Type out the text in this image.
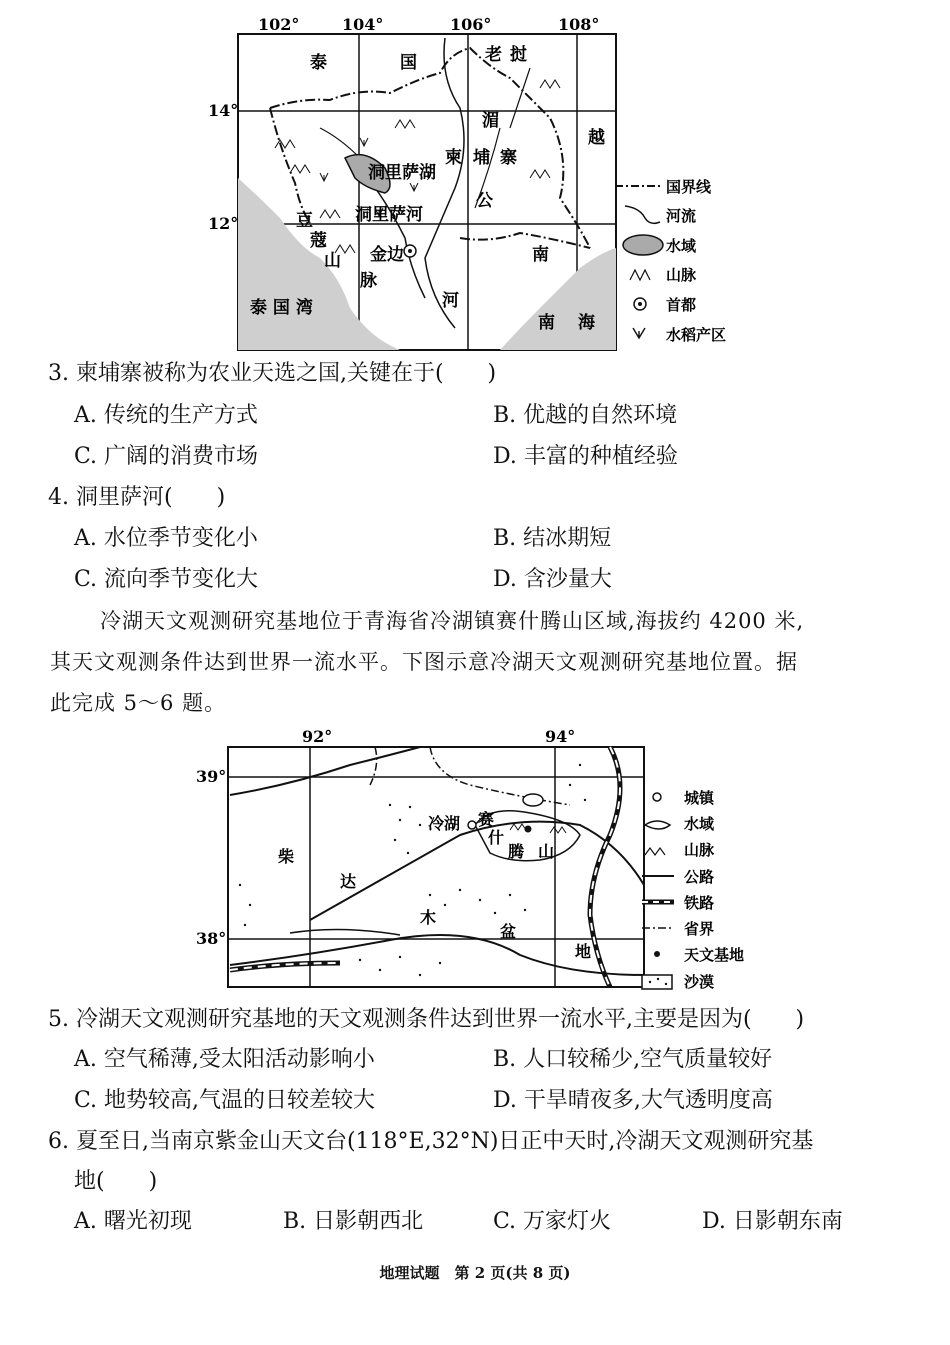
102°	104°	106°	108°
14°
12°
泰	国	老 挝
湄
越
柬 埔 寨
洞里萨湖
洞里萨河
公
豆
蔻
山
脉
金边	南
河
泰 国 湾
南 海
国界线
河流
水域
山脉
首都
水稻产区
3. 柬埔寨被称为农业天选之国,关键在于(　　)
A. 传统的生产方式	B. 优越的自然环境
C. 广阔的消费市场	D. 丰富的种植经验
4. 洞里萨河(　　)
A. 水位季节变化小	B. 结冰期短
C. 流向季节变化大	D. 含沙量大
冷湖天文观测研究基地位于青海省冷湖镇赛什腾山区域,海拔约 4200 米,
其天文观测条件达到世界一流水平。下图示意冷湖天文观测研究基地位置。据
此完成 5～6 题。
92°	94°
39°
38°
冷湖 赛
什
腾 山
柴
达
木
盆
地
城镇
水域
山脉
公路
铁路
省界
天文基地
沙漠
5. 冷湖天文观测研究基地的天文观测条件达到世界一流水平,主要是因为(　　)
A. 空气稀薄,受太阳活动影响小	B. 人口较稀少,空气质量较好
C. 地势较高,气温的日较差较大	D. 干旱晴夜多,大气透明度高
6. 夏至日,当南京紫金山天文台(118°E,32°N)日正中天时,冷湖天文观测研究基
地(　　)
A. 曙光初现	B. 日影朝西北	C. 万家灯火	D. 日影朝东南
地理试题　第 2 页(共 8 页)
